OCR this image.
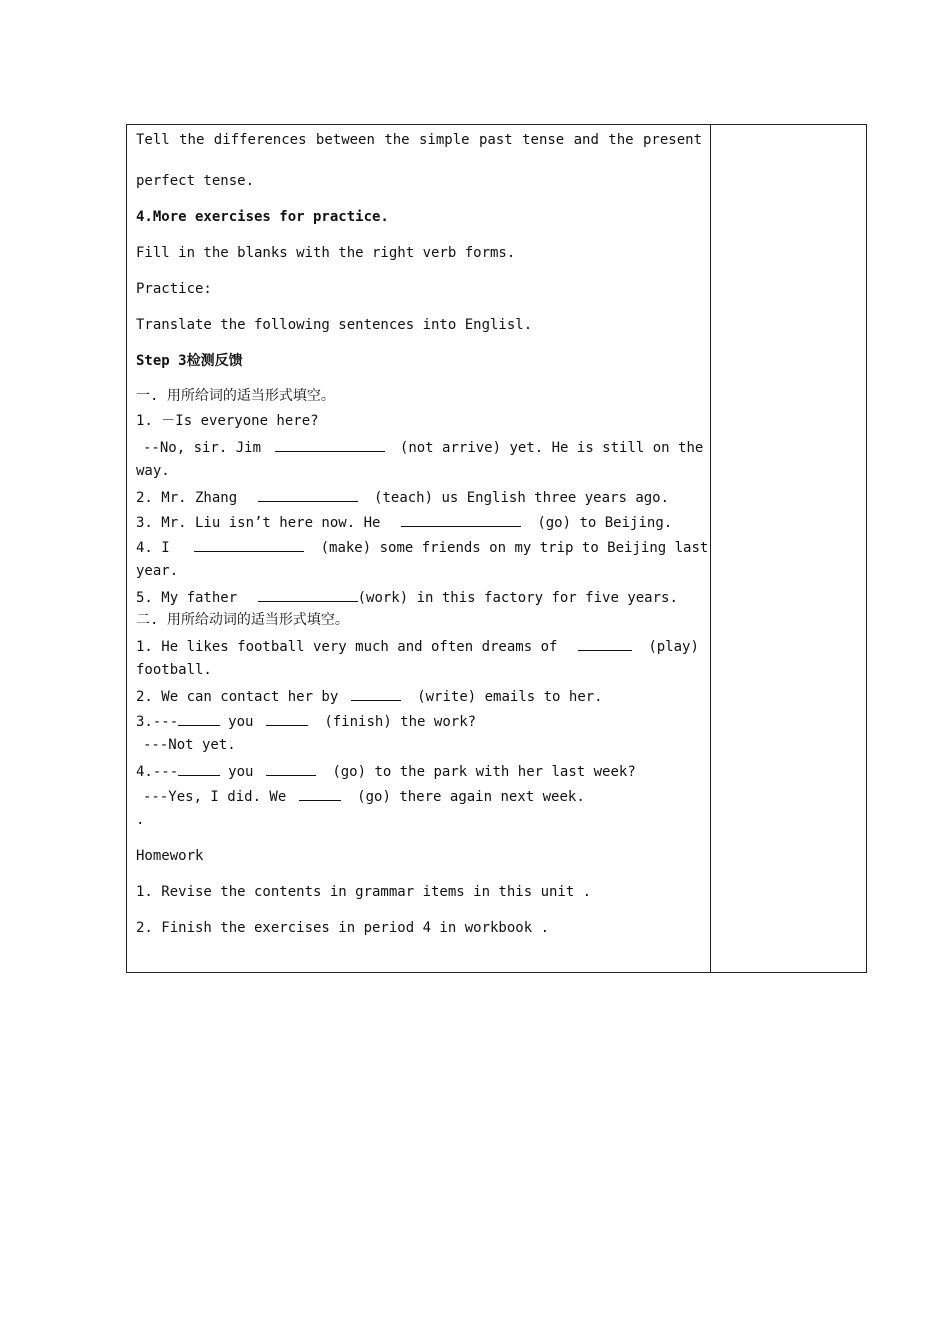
Tell the differences between the simple past tense and the present
perfect tense.
4.More exercises for practice.
Fill in the blanks with the right verb forms.
Practice:
Translate the following sentences into Englisl.
Step 3检测反馈
一. 用所给词的适当形式填空。
1. －Is everyone here?
--No, sir. Jim	(not arrive) yet. He is still on the
way.
2. Mr. Zhang	(teach) us English three years ago.
3. Mr. Liu isn’t here now. He	(go) to Beijing.
4. I	(make) some friends on my trip to Beijing last
year.
5. My father	(work) in this factory for five years.
二. 用所给动词的适当形式填空。
1. He likes football very much and often dreams of	(play)
football.
2. We can contact her by	(write) emails to her.
3.---	you	(finish) the work?
---Not yet.
4.---	you	(go) to the park with her last week?
---Yes, I did. We	(go) there again next week.
.
Homework
1. Revise the contents in grammar items in this unit .
2. Finish the exercises in period 4 in workbook .
